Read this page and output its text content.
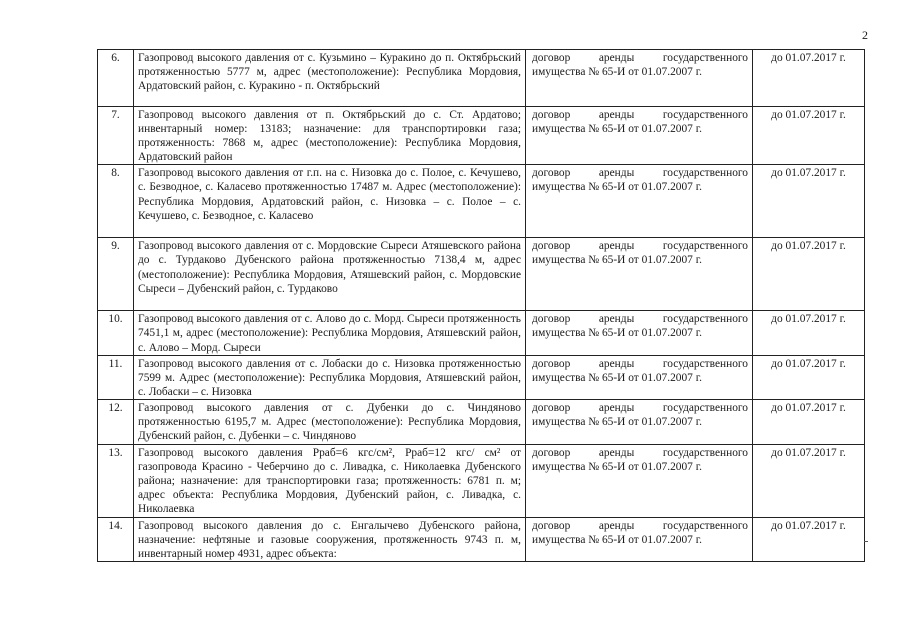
2
6.	Газопровод высокого давления от с. Кузьмино – Куракино до п. Октябрьский протяженностью 5777 м, адрес (местоположение): Республика Мордовия, Ардатовский район, с. Куракино - п. Октябрьский	договор аренды государственного имущества № 65-И от 01.07.2007 г.	до 01.07.2017 г.
7.	Газопровод высокого давления от п. Октябрьский до с. Ст. Ардатово; инвентарный номер: 13183; назначение: для транспортировки газа; протяженность: 7868 м, адрес (местоположение): Республика Мордовия, Ардатовский район	договор аренды государственного имущества № 65-И от 01.07.2007 г.	до 01.07.2017 г.
8.	Газопровод высокого давления от г.п. на с. Низовка до с. Полое, с. Кечушево, с. Безводное, с. Каласево протяженностью 17487 м. Адрес (местоположение): Республика Мордовия, Ардатовский район, с. Низовка – с. Полое – с. Кечушево, с. Безводное, с. Каласево	договор аренды государственного имущества № 65-И от 01.07.2007 г.	до 01.07.2017 г.
9.	Газопровод высокого давления от с. Мордовские Сыреси Атяшевского района до с. Турдаково Дубенского района протяженностью 7138,4 м, адрес (местоположение): Республика Мордовия, Атяшевский район, с. Мордовские Сыреси – Дубенский район, с. Турдаково	договор аренды государственного имущества № 65-И от 01.07.2007 г.	до 01.07.2017 г.
10.	Газопровод высокого давления от с. Алово до с. Морд. Сыреси протяженность 7451,1 м, адрес (местоположение): Республика Мордовия, Атяшевский район, с. Алово – Морд. Сыреси	договор аренды государственного имущества № 65-И от 01.07.2007 г.	до 01.07.2017 г.
11.	Газопровод высокого давления от с. Лобаски до с. Низовка протяженностью 7599 м. Адрес (местоположение): Республика Мордовия, Атяшевский район, с. Лобаски – с. Низовка	договор аренды государственного имущества № 65-И от 01.07.2007 г.	до 01.07.2017 г.
12.	Газопровод высокого давления от с. Дубенки до с. Чиндяново протяженностью 6195,7 м. Адрес (местоположение): Республика Мордовия, Дубенский район, с. Дубенки – с. Чиндяново	договор аренды государственного имущества № 65-И от 01.07.2007 г.	до 01.07.2017 г.
13.	Газопровод высокого давления Рраб=6 кгс/см², Рраб=12 кгс/ см² от газопровода Красино - Чеберчино до с. Ливадка, с. Николаевка Дубенского района; назначение: для транспортировки газа; протяженность: 6781 п. м; адрес объекта: Республика Мордовия, Дубенский район, с. Ливадка, с. Николаевка	договор аренды государственного имущества № 65-И от 01.07.2007 г.	до 01.07.2017 г.
14.	Газопровод высокого давления до с. Енгалычево Дубенского района, назначение: нефтяные и газовые сооружения, протяженность 9743 п. м, инвентарный номер 4931, адрес объекта:	договор аренды государственного имущества № 65-И от 01.07.2007 г.	до 01.07.2017 г.
